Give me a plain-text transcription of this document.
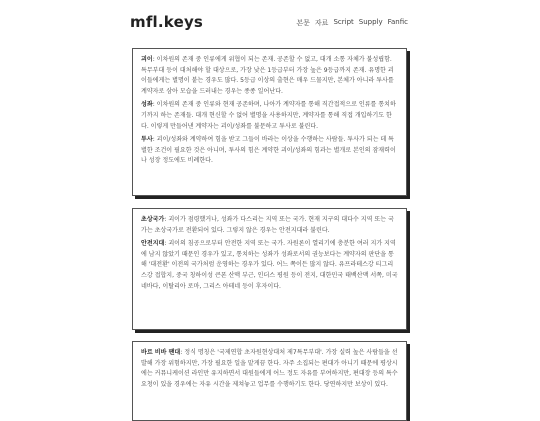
mfl.keys	본문 자료 Script Supply Fanfic

괴이: 이차원의 존재 중 인류에게 위협이 되는 존재. 공존할 수 없고, 대개 소통 자체가 불성립함. 특무부대 등이 대처해야 할 대상으로, 가장 낮은 1등급부터 가장 높은 9등급까지 존재. 유명한 괴이들에게는 별명이 붙는 경우도 많다. 5등급 이상의 출현은 매우 드물지만, 본체가 아니라 투사를 계약자로 삼아 모습을 드러내는 경우는 종종 일어난다.

성좌: 이차원의 존재 중 인류와 현재 공존하며, 나아가 계약자를 통해 직간접적으로 인류를 통치하기까지 하는 존재들. 대개 현신할 수 없어 별명을 사용하지만, 계약자를 통해 직접 개입하기도 한다. 이렇게 만들어낸 계약자는 괴이/성좌를 불문하고 투사로 불린다.

투사: 괴이/성좌와 계약하여 힘을 받고 그들이 바라는 이상을 수행하는 사람들. 투사가 되는 데 특별한 조건이 필요한 것은 아니며, 투사의 힘은 계약한 괴이/성좌의 힘과는 별개로 본인의 잠재력이나 성장 정도에도 비례한다.

초상국가: 괴이가 점령했거나, 성좌가 다스리는 지역 또는 국가. 현재 지구의 대다수 지역 또는 국가는 초상국가로 전환되어 있다. 그렇지 않은 경우는 안전지대라 불린다.

안전지대: 괴이의 침공으로부터 안전한 지역 또는 국가. 자원론이 열리기에 충분한 여러 지가 지역에 남지 않았기 때문인 경우가 있고, 통치하는 성좌가 성좌로서의 권능보다는 계약자의 판단을 통해 '대전환' 이전의 국가처럼 운영하는 경우가 있다. 어느 쪽이든 많지 않다. 유프라테스강 티그리스강 접합지, 중국 칭하이성 큰폰 산맥 부근, 인더스 평원 등이 전지, 대한민국 태백산맥 서쪽, 미국 네바다, 이탈리아 로마, 그리스 아테네 등이 후자이다.

바르 비바 팬대: 정식 명칭은 '국제연합 초자원현상대처 제7특무부대'. 가장 실력 높은 사람들을 선발해 가장 위험하지만, 가장 필요한 일을 맡게끔 한다. 자주 소집되는 편대가 아니기 때문에 평상시에는 커뮤니케이션 라인만 유지하면서 대원들에게 어느 정도 자유를 부여하지만, 편대장 등의 특수 요청이 있을 경우에는 자유 시간을 제쳐놓고 업무를 수행하기도 한다. 당연하지만 보상이 있다.
